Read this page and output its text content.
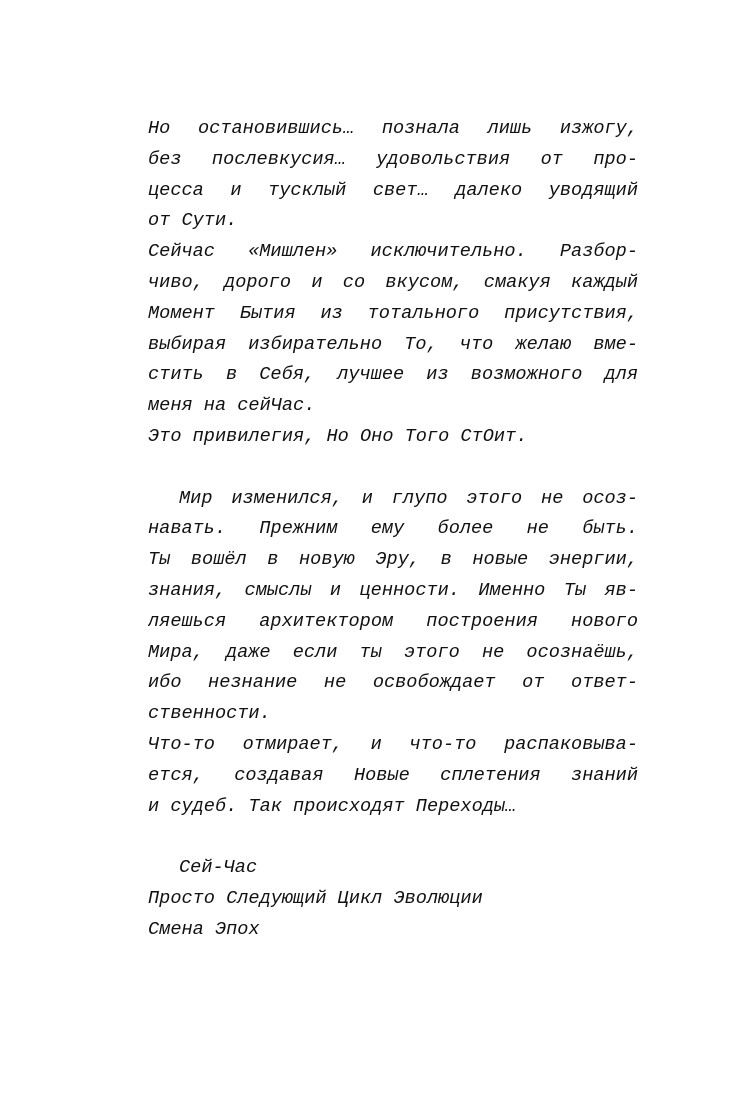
Но остановившись… познала лишь изжогу,
без послевкусия… удовольствия от про-
цесса и тусклый свет… далеко уводящий
от Сути.
Сейчас «Мишлен» исключительно. Разбор-
чиво, дорого и со вкусом, смакуя каждый
Момент Бытия из тотального присутствия,
выбирая избирательно То, что желаю вме-
стить в Себя, лучшее из возможного для
меня на сейЧас.
Это привилегия, Но Оно Того СтОит.
Мир изменился, и глупо этого не осоз-
навать. Прежним ему более не быть.
Ты вошёл в новую Эру, в новые энергии,
знания, смыслы и ценности. Именно Ты яв-
ляешься архитектором построения нового
Мира, даже если ты этого не осознаёшь,
ибо незнание не освобождает от ответ-
ственности.
Что-то отмирает, и что-то распаковыва-
ется, создавая Новые сплетения знаний
и судеб. Так происходят Переходы…
Сей-Час
Просто Следующий Цикл Эволюции
Смена Эпох
